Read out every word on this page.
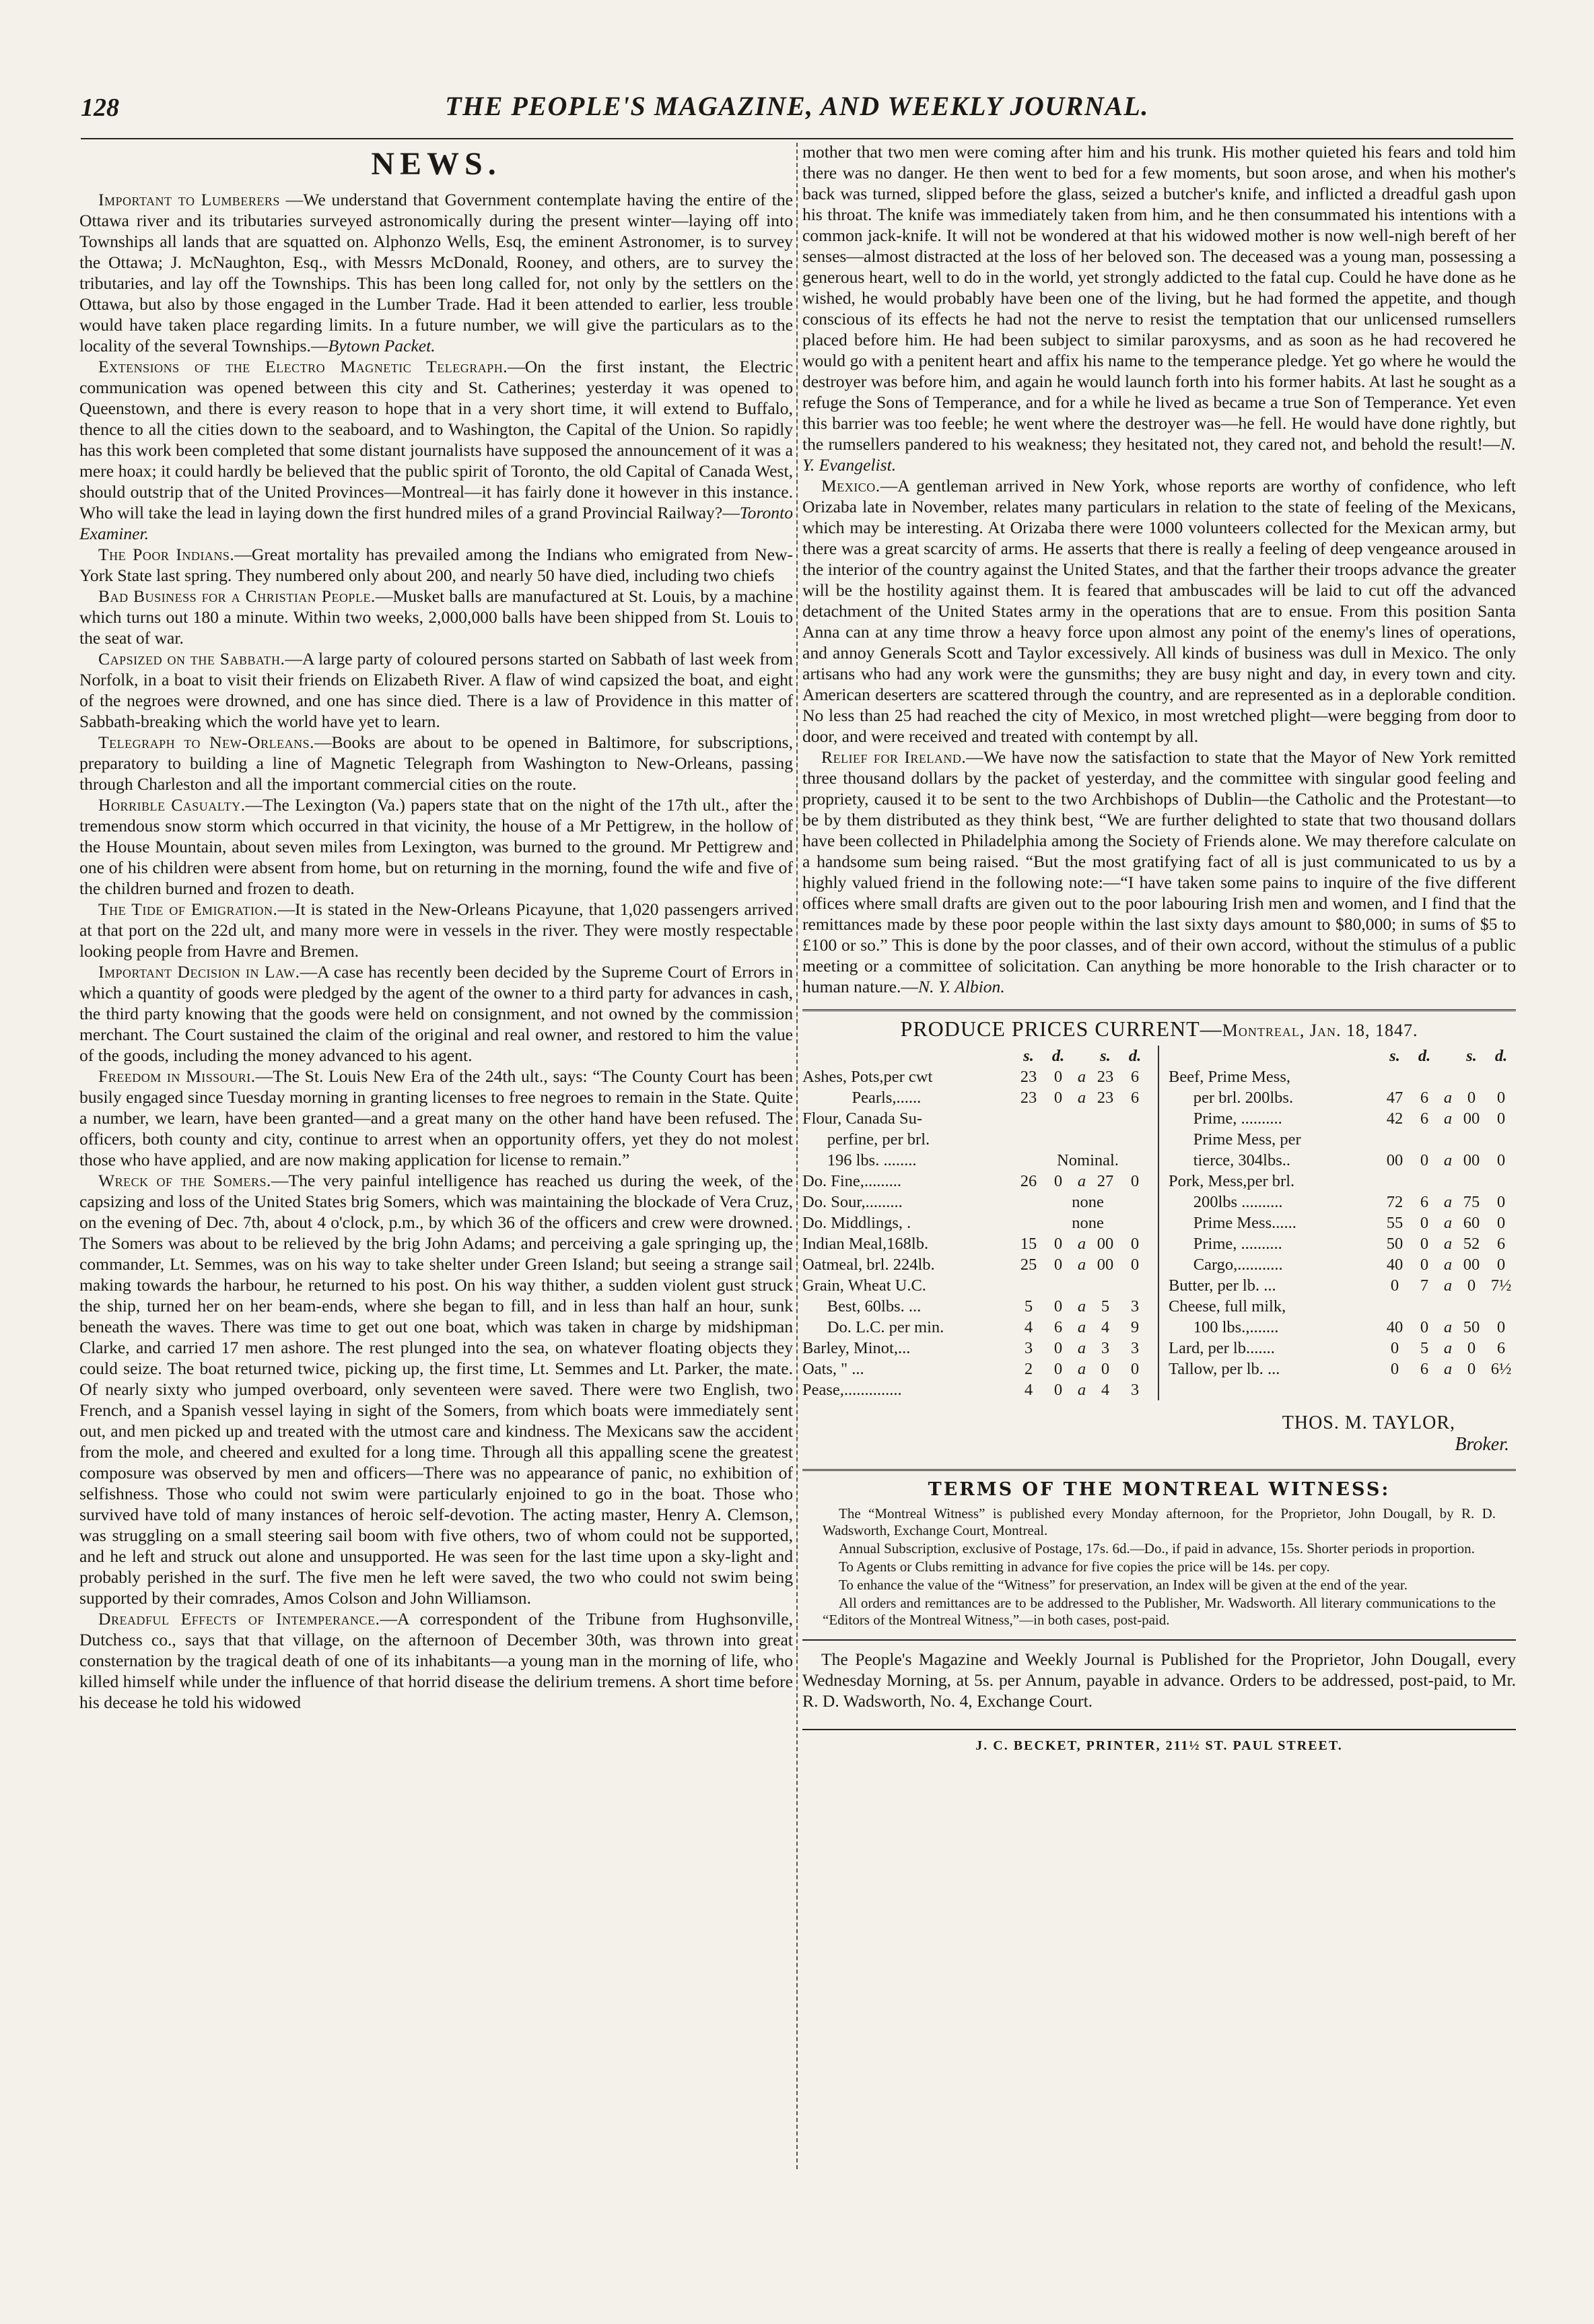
128	THE PEOPLE'S MAGAZINE, AND WEEKLY JOURNAL.
NEWS.

Important to Lumberers —We understand that Government contemplate having the entire of the Ottawa river and its tributaries surveyed astronomically during the present winter—laying off into Townships all lands that are squatted on. Alphonzo Wells, Esq, the eminent Astronomer, is to survey the Ottawa; J. McNaughton, Esq., with Messrs McDonald, Rooney, and others, are to survey the tributaries, and lay off the Townships. This has been long called for, not only by the settlers on the Ottawa, but also by those engaged in the Lumber Trade. Had it been attended to earlier, less trouble would have taken place regarding limits. In a future number, we will give the particulars as to the locality of the several Townships.—Bytown Packet.

Extensions of the Electro Magnetic Telegraph.—On the first instant, the Electric communication was opened between this city and St. Catherines; yesterday it was opened to Queenstown, and there is every reason to hope that in a very short time, it will extend to Buffalo, thence to all the cities down to the seaboard, and to Washington, the Capital of the Union. So rapidly has this work been completed that some distant journalists have supposed the announcement of it was a mere hoax; it could hardly be believed that the public spirit of Toronto, the old Capital of Canada West, should outstrip that of the United Provinces—Montreal—it has fairly done it however in this instance. Who will take the lead in laying down the first hundred miles of a grand Provincial Railway?—Toronto Examiner.

The Poor Indians.—Great mortality has prevailed among the Indians who emigrated from New-York State last spring. They numbered only about 200, and nearly 50 have died, including two chiefs

Bad Business for a Christian People.—Musket balls are manufactured at St. Louis, by a machine which turns out 180 a minute. Within two weeks, 2,000,000 balls have been shipped from St. Louis to the seat of war.

Capsized on the Sabbath.—A large party of coloured persons started on Sabbath of last week from Norfolk, in a boat to visit their friends on Elizabeth River. A flaw of wind capsized the boat, and eight of the negroes were drowned, and one has since died. There is a law of Providence in this matter of Sabbath-breaking which the world have yet to learn.

Telegraph to New-Orleans.—Books are about to be opened in Baltimore, for subscriptions, preparatory to building a line of Magnetic Telegraph from Washington to New-Orleans, passing through Charleston and all the important commercial cities on the route.

Horrible Casualty.—The Lexington (Va.) papers state that on the night of the 17th ult., after the tremendous snow storm which occurred in that vicinity, the house of a Mr Pettigrew, in the hollow of the House Mountain, about seven miles from Lexington, was burned to the ground. Mr Pettigrew and one of his children were absent from home, but on returning in the morning, found the wife and five of the children burned and frozen to death.

The Tide of Emigration.—It is stated in the New-Orleans Picayune, that 1,020 passengers arrived at that port on the 22d ult, and many more were in vessels in the river. They were mostly respectable looking people from Havre and Bremen.

Important Decision in Law.—A case has recently been decided by the Supreme Court of Errors in which a quantity of goods were pledged by the agent of the owner to a third party for advances in cash, the third party knowing that the goods were held on consignment, and not owned by the commission merchant. The Court sustained the claim of the original and real owner, and restored to him the value of the goods, including the money advanced to his agent.

Freedom in Missouri.—The St. Louis New Era of the 24th ult., says: “The County Court has been busily engaged since Tuesday morning in granting licenses to free negroes to remain in the State. Quite a number, we learn, have been granted—and a great many on the other hand have been refused. The officers, both county and city, continue to arrest when an opportunity offers, yet they do not molest those who have applied, and are now making application for license to remain.”

Wreck of the Somers.—The very painful intelligence has reached us during the week, of the capsizing and loss of the United States brig Somers, which was maintaining the blockade of Vera Cruz, on the evening of Dec. 7th, about 4 o'clock, p.m., by which 36 of the officers and crew were drowned. The Somers was about to be relieved by the brig John Adams; and perceiving a gale springing up, the commander, Lt. Semmes, was on his way to take shelter under Green Island; but seeing a strange sail making towards the harbour, he returned to his post. On his way thither, a sudden violent gust struck the ship, turned her on her beam-ends, where she began to fill, and in less than half an hour, sunk beneath the waves. There was time to get out one boat, which was taken in charge by midshipman Clarke, and carried 17 men ashore. The rest plunged into the sea, on whatever floating objects they could seize. The boat returned twice, picking up, the first time, Lt. Semmes and Lt. Parker, the mate. Of nearly sixty who jumped overboard, only seventeen were saved. There were two English, two French, and a Spanish vessel laying in sight of the Somers, from which boats were immediately sent out, and men picked up and treated with the utmost care and kindness. The Mexicans saw the accident from the mole, and cheered and exulted for a long time. Through all this appalling scene the greatest composure was observed by men and officers—There was no appearance of panic, no exhibition of selfishness. Those who could not swim were particularly enjoined to go in the boat. Those who survived have told of many instances of heroic self-devotion. The acting master, Henry A. Clemson, was struggling on a small steering sail boom with five others, two of whom could not be supported, and he left and struck out alone and unsupported. He was seen for the last time upon a sky-light and probably perished in the surf. The five men he left were saved, the two who could not swim being supported by their comrades, Amos Colson and John Williamson.

Dreadful Effects of Intemperance.—A correspondent of the Tribune from Hughsonville, Dutchess co., says that that village, on the afternoon of December 30th, was thrown into great consternation by the tragical death of one of its inhabitants—a young man in the morning of life, who killed himself while under the influence of that horrid disease the delirium tremens. A short time before his decease he told his widowed

mother that two men were coming after him and his trunk. His mother quieted his fears and told him there was no danger. He then went to bed for a few moments, but soon arose, and when his mother's back was turned, slipped before the glass, seized a butcher's knife, and inflicted a dreadful gash upon his throat. The knife was immediately taken from him, and he then consummated his intentions with a common jack-knife. It will not be wondered at that his widowed mother is now well-nigh bereft of her senses—almost distracted at the loss of her beloved son. The deceased was a young man, possessing a generous heart, well to do in the world, yet strongly addicted to the fatal cup. Could he have done as he wished, he would probably have been one of the living, but he had formed the appetite, and though conscious of its effects he had not the nerve to resist the temptation that our unlicensed rumsellers placed before him. He had been subject to similar paroxysms, and as soon as he had recovered he would go with a penitent heart and affix his name to the temperance pledge. Yet go where he would the destroyer was before him, and again he would launch forth into his former habits. At last he sought as a refuge the Sons of Temperance, and for a while he lived as became a true Son of Temperance. Yet even this barrier was too feeble; he went where the destroyer was—he fell. He would have done rightly, but the rumsellers pandered to his weakness; they hesitated not, they cared not, and behold the result!—N. Y. Evangelist.

Mexico.—A gentleman arrived in New York, whose reports are worthy of confidence, who left Orizaba late in November, relates many particulars in relation to the state of feeling of the Mexicans, which may be interesting. At Orizaba there were 1000 volunteers collected for the Mexican army, but there was a great scarcity of arms. He asserts that there is really a feeling of deep vengeance aroused in the interior of the country against the United States, and that the farther their troops advance the greater will be the hostility against them. It is feared that ambuscades will be laid to cut off the advanced detachment of the United States army in the operations that are to ensue. From this position Santa Anna can at any time throw a heavy force upon almost any point of the enemy's lines of operations, and annoy Generals Scott and Taylor excessively. All kinds of business was dull in Mexico. The only artisans who had any work were the gunsmiths; they are busy night and day, in every town and city. American deserters are scattered through the country, and are represented as in a deplorable condition. No less than 25 had reached the city of Mexico, in most wretched plight—were begging from door to door, and were received and treated with contempt by all.

Relief for Ireland.—We have now the satisfaction to state that the Mayor of New York remitted three thousand dollars by the packet of yesterday, and the committee with singular good feeling and propriety, caused it to be sent to the two Archbishops of Dublin—the Catholic and the Protestant—to be by them distributed as they think best, “We are further delighted to state that two thousand dollars have been collected in Philadelphia among the Society of Friends alone. We may therefore calculate on a handsome sum being raised. “But the most gratifying fact of all is just communicated to us by a highly valued friend in the following note:—“I have taken some pains to inquire of the five different offices where small drafts are given out to the poor labouring Irish men and women, and I find that the remittances made by these poor people within the last sixty days amount to $80,000; in sums of $5 to £100 or so.” This is done by the poor classes, and of their own accord, without the stimulus of a public meeting or a committee of solicitation. Can anything be more honorable to the Irish character or to human nature.—N. Y. Albion.

PRODUCE PRICES CURRENT—Montreal, Jan. 18, 1847.
s.	d.	s.	d.
Ashes, Pots,per cwt	23	0 a 23	6
Pearls,......	23	0 a 23	6
Flour, Canada Su-
perfine, per brl.
196 lbs. ........	Nominal.
Do. Fine,.........	26	0 a 27	0
Do. Sour,.........	none
Do. Middlings, .	none
Indian Meal,168lb.	15	0 a 00	0
Oatmeal, brl. 224lb.	25	0 a 00	0
Grain, Wheat U.C.
Best, 60lbs. ...	5	0 a 5	3
Do. L.C. per min.	4	6 a 4	9
Barley, Minot,...	3	0 a 3	3
Oats, " ...	2	0 a 0	0
Pease,..............	4	0 a 4	3
s.	d.	s.	d.
Beef, Prime Mess,
per brl. 200lbs.	47	6 a 0	0
Prime, ..........	42	6 a 00	0
Prime Mess, per
tierce, 304lbs..	00	0 a 00	0
Pork, Mess,per brl.
200lbs ..........	72	6 a 75	0
Prime Mess......	55	0 a 60	0
Prime, ..........	50	0 a 52	6
Cargo,...........	40	0 a 00	0
Butter, per lb. ...	0	7 a 0 7½
Cheese, full milk,
100 lbs.,.......	40	0 a 50	0
Lard, per lb.......	0	5 a 0	6
Tallow, per lb. ...	0	6 a 0 6½
THOS. M. TAYLOR,
Broker.
TERMS OF THE MONTREAL WITNESS:

The “Montreal Witness” is published every Monday afternoon, for the Proprietor, John Dougall, by R. D. Wadsworth, Exchange Court, Montreal.

Annual Subscription, exclusive of Postage, 17s. 6d.—Do., if paid in advance, 15s. Shorter periods in proportion.

To Agents or Clubs remitting in advance for five copies the price will be 14s. per copy.

To enhance the value of the “Witness” for preservation, an Index will be given at the end of the year.

All orders and remittances are to be addressed to the Publisher, Mr. Wadsworth. All literary communications to the “Editors of the Montreal Witness,”—in both cases, post-paid.

The People's Magazine and Weekly Journal is Published for the Proprietor, John Dougall, every Wednesday Morning, at 5s. per Annum, payable in advance. Orders to be addressed, post-paid, to Mr. R. D. Wadsworth, No. 4, Exchange Court.

J. C. BECKET, PRINTER, 211½ ST. PAUL STREET.
